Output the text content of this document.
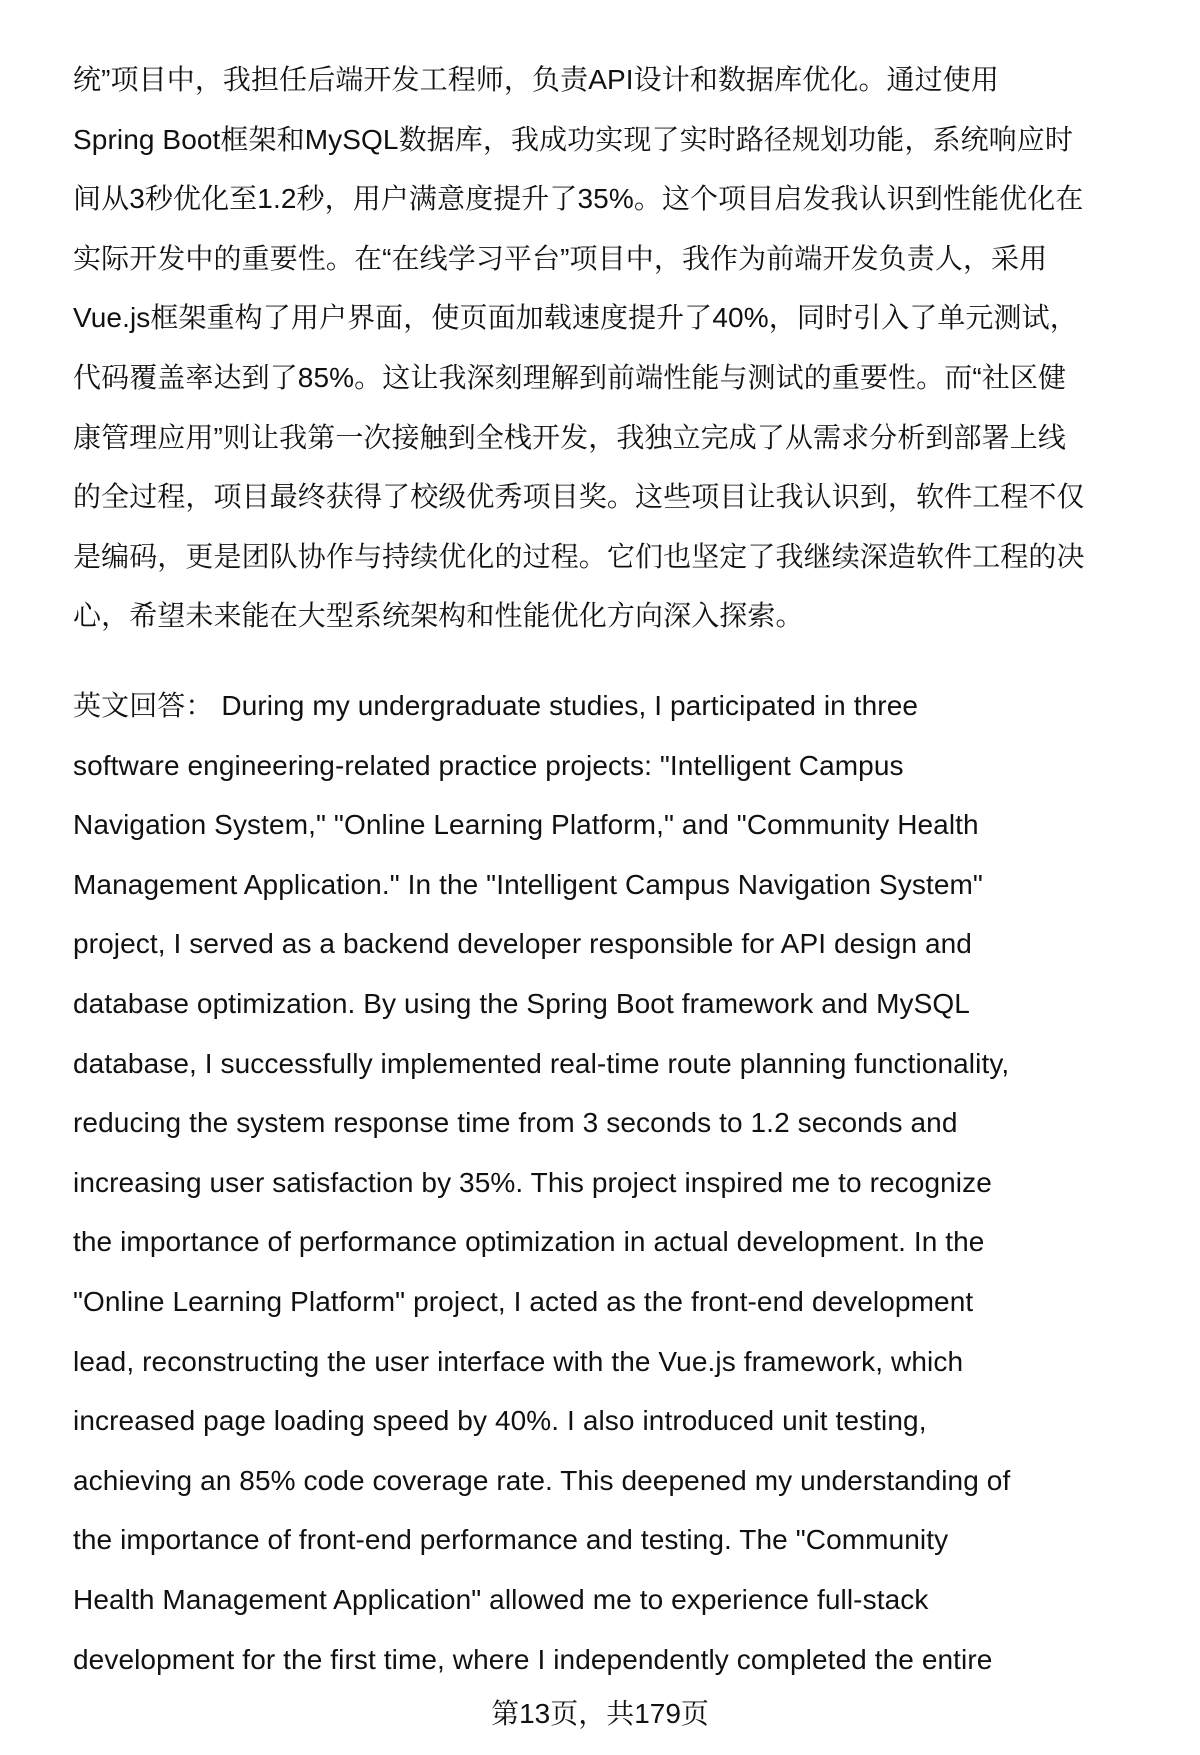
统”项目中，我担任后端开发工程师，负责API设计和数据库优化。通过使用
Spring Boot框架和MySQL数据库，我成功实现了实时路径规划功能，系统响应时
间从3秒优化至1.2秒，用户满意度提升了35%。这个项目启发我认识到性能优化在
实际开发中的重要性。在“在线学习平台”项目中，我作为前端开发负责人，采用
Vue.js框架重构了用户界面，使页面加载速度提升了40%，同时引入了单元测试，
代码覆盖率达到了85%。这让我深刻理解到前端性能与测试的重要性。而“社区健
康管理应用”则让我第一次接触到全栈开发，我独立完成了从需求分析到部署上线
的全过程，项目最终获得了校级优秀项目奖。这些项目让我认识到，软件工程不仅
是编码，更是团队协作与持续优化的过程。它们也坚定了我继续深造软件工程的决
心，希望未来能在大型系统架构和性能优化方向深入探索。
英文回答： During my undergraduate studies, I participated in three
software engineering-related practice projects: "Intelligent Campus
Navigation System," "Online Learning Platform," and "Community Health
Management Application." In the "Intelligent Campus Navigation System"
project, I served as a backend developer responsible for API design and
database optimization. By using the Spring Boot framework and MySQL
database, I successfully implemented real-time route planning functionality,
reducing the system response time from 3 seconds to 1.2 seconds and
increasing user satisfaction by 35%. This project inspired me to recognize
the importance of performance optimization in actual development. In the
"Online Learning Platform" project, I acted as the front-end development
lead, reconstructing the user interface with the Vue.js framework, which
increased page loading speed by 40%. I also introduced unit testing,
achieving an 85% code coverage rate. This deepened my understanding of
the importance of front-end performance and testing. The "Community
Health Management Application" allowed me to experience full-stack
development for the first time, where I independently completed the entire
第13页，共179页
